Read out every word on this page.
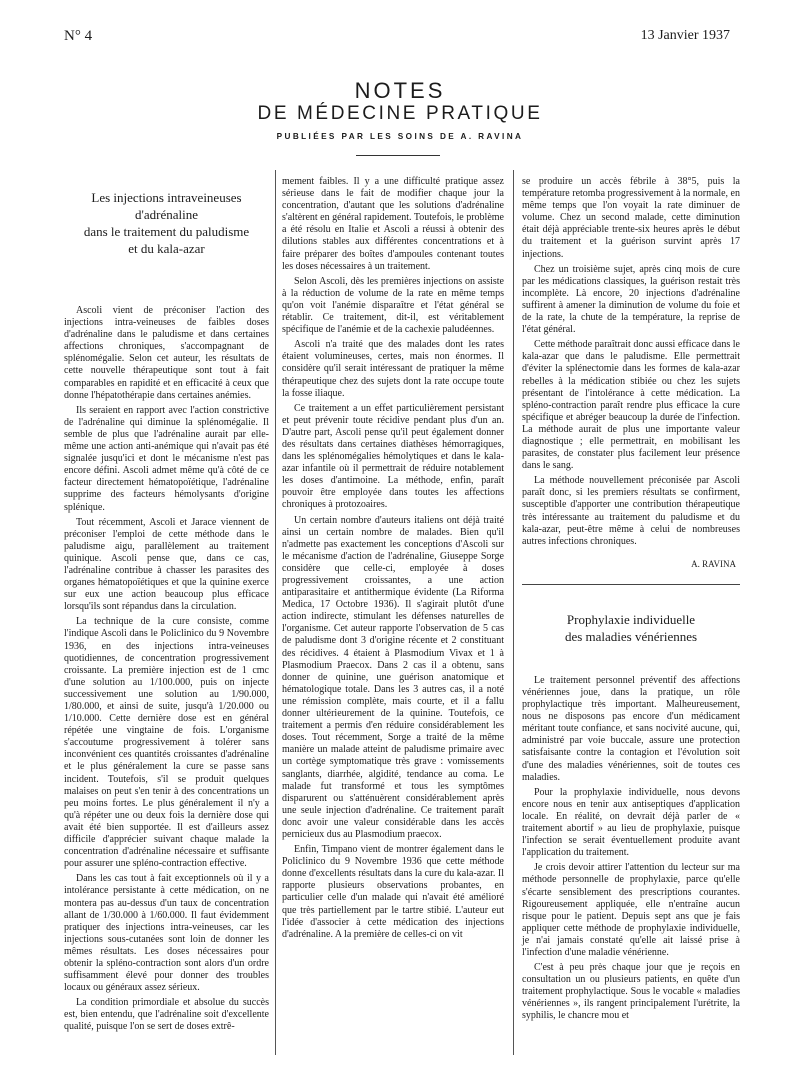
N° 4	13 Janvier 1937
NOTES
DE MÉDECINE PRATIQUE
PUBLIÉES PAR LES SOINS DE A. RAVINA
Les injections intraveineuses
d'adrénaline
dans le traitement du paludisme
et du kala-azar

Ascoli vient de préconiser l'action des injections intra-veineuses de faibles doses d'adrénaline dans le paludisme et dans certaines affections chroniques, s'accompagnant de splénomégalie. Selon cet auteur, les résultats de cette nouvelle thérapeutique sont tout à fait comparables en rapidité et en efficacité à ceux que donne l'hépatothérapie dans certaines anémies.

Ils seraient en rapport avec l'action constrictive de l'adrénaline qui diminue la splénomégalie. Il semble de plus que l'adrénaline aurait par elle-même une action anti-anémique qui n'avait pas été signalée jusqu'ici et dont le mécanisme n'est pas encore défini. Ascoli admet même qu'à côté de ce facteur directement hématopoïétique, l'adrénaline supprime des facteurs hémolysants d'origine splénique.

Tout récemment, Ascoli et Jarace viennent de préconiser l'emploi de cette méthode dans le paludisme aigu, parallèlement au traitement quinique. Ascoli pense que, dans ce cas, l'adrénaline contribue à chasser les parasites des organes hématopoïétiques et que la quinine exerce sur eux une action beaucoup plus efficace lorsqu'ils sont répandus dans la circulation.

La technique de la cure consiste, comme l'indique Ascoli dans le Policlinico du 9 Novembre 1936, en des injections intra-veineuses quotidiennes, de concentration progressivement croissante. La première injection est de 1 cmc d'une solution au 1/100.000, puis on injecte successivement une solution au 1/90.000, 1/80.000, et ainsi de suite, jusqu'à 1/20.000 ou 1/10.000. Cette dernière dose est en général répétée une vingtaine de fois. L'organisme s'accoutume progressivement à tolérer sans inconvénient ces quantités croissantes d'adrénaline et le plus généralement la cure se passe sans incident. Toutefois, s'il se produit quelques malaises on peut s'en tenir à des concentrations un peu moins fortes. Le plus généralement il n'y a qu'à répéter une ou deux fois la dernière dose qui avait été bien supportée. Il est d'ailleurs assez difficile d'apprécier suivant chaque malade la concentration d'adrénaline nécessaire et suffisante pour assurer une spléno-contraction effective.

Dans les cas tout à fait exceptionnels où il y a intolérance persistante à cette médication, on ne montera pas au-dessus d'un taux de concentration allant de 1/30.000 à 1/60.000. Il faut évidemment pratiquer des injections intra-veineuses, car les injections sous-cutanées sont loin de donner les mêmes résultats. Les doses nécessaires pour obtenir la spléno-contraction sont alors d'un ordre suffisamment élevé pour donner des troubles locaux ou généraux assez sérieux.

La condition primordiale et absolue du succès est, bien entendu, que l'adrénaline soit d'excellente qualité, puisque l'on se sert de doses extrê-

mement faibles. Il y a une difficulté pratique assez sérieuse dans le fait de modifier chaque jour la concentration, d'autant que les solutions d'adrénaline s'altèrent en général rapidement. Toutefois, le problème a été résolu en Italie et Ascoli a réussi à obtenir des dilutions stables aux différentes concentrations et à faire préparer des boîtes d'ampoules contenant toutes les doses nécessaires à un traitement.

Selon Ascoli, dès les premières injections on assiste à la réduction de volume de la rate en même temps qu'on voit l'anémie disparaître et l'état général se rétablir. Ce traitement, dit-il, est véritablement spécifique de l'anémie et de la cachexie paludéennes.

Ascoli n'a traité que des malades dont les rates étaient volumineuses, certes, mais non énormes. Il considère qu'il serait intéressant de pratiquer la même thérapeutique chez des sujets dont la rate occupe toute la fosse iliaque.

Ce traitement a un effet particulièrement persistant et peut prévenir toute récidive pendant plus d'un an. D'autre part, Ascoli pense qu'il peut également donner des résultats dans certaines diathèses hémorragiques, dans les splénomégalies hémolytiques et dans le kala-azar infantile où il permettrait de réduire notablement les doses d'antimoine. La méthode, enfin, paraît pouvoir être employée dans toutes les affections chroniques à protozoaires.

Un certain nombre d'auteurs italiens ont déjà traité ainsi un certain nombre de malades. Bien qu'il n'admette pas exactement les conceptions d'Ascoli sur le mécanisme d'action de l'adrénaline, Giuseppe Sorge considère que celle-ci, employée à doses progressivement croissantes, a une action antiparasitaire et antithermique évidente (La Riforma Medica, 17 Octobre 1936). Il s'agirait plutôt d'une action indirecte, stimulant les défenses naturelles de l'organisme. Cet auteur rapporte l'observation de 5 cas de paludisme dont 3 d'origine récente et 2 constituant des récidives. 4 étaient à Plasmodium Vivax et 1 à Plasmodium Praecox. Dans 2 cas il a obtenu, sans donner de quinine, une guérison anatomique et hématologique totale. Dans les 3 autres cas, il a noté une rémission complète, mais courte, et il a fallu donner ultérieurement de la quinine. Toutefois, ce traitement a permis d'en réduire considérablement les doses. Tout récemment, Sorge a traité de la même manière un malade atteint de paludisme primaire avec un cortège symptomatique très grave : vomissements sanglants, diarrhée, algidité, tendance au coma. Le malade fut transformé et tous les symptômes disparurent ou s'atténuèrent considérablement après une seule injection d'adrénaline. Ce traitement paraît donc avoir une valeur considérable dans les accès pernicieux dus au Plasmodium praecox.

Enfin, Timpano vient de montrer également dans le Policlinico du 9 Novembre 1936 que cette méthode donne d'excellents résultats dans la cure du kala-azar. Il rapporte plusieurs observations probantes, en particulier celle d'un malade qui n'avait été amélioré que très partiellement par le tartre stibié. L'auteur eut l'idée d'associer à cette médication des injections d'adrénaline. A la première de celles-ci on vit

se produire un accès fébrile à 38°5, puis la température retomba progressivement à la normale, en même temps que l'on voyait la rate diminuer de volume. Chez un second malade, cette diminution était déjà appréciable trente-six heures après le début du traitement et la guérison survint après 17 injections.

Chez un troisième sujet, après cinq mois de cure par les médications classiques, la guérison restait très incomplète. Là encore, 20 injections d'adrénaline suffirent à amener la diminution de volume du foie et de la rate, la chute de la température, la reprise de l'état général.

Cette méthode paraîtrait donc aussi efficace dans le kala-azar que dans le paludisme. Elle permettrait d'éviter la splénectomie dans les formes de kala-azar rebelles à la médication stibiée ou chez les sujets présentant de l'intolérance à cette médication. La spléno-contraction paraît rendre plus efficace la cure spécifique et abréger beaucoup la durée de l'infection. La méthode aurait de plus une importante valeur diagnostique ; elle permettrait, en mobilisant les parasites, de constater plus facilement leur présence dans le sang.

La méthode nouvellement préconisée par Ascoli paraît donc, si les premiers résultats se confirment, susceptible d'apporter une contribution thérapeutique très intéressante au traitement du paludisme et du kala-azar, peut-être même à celui de nombreuses autres infections chroniques.

A. RAVINA
Prophylaxie individuelle
des maladies vénériennes

Le traitement personnel préventif des affections vénériennes joue, dans la pratique, un rôle prophylactique très important. Malheureusement, nous ne disposons pas encore d'un médicament méritant toute confiance, et sans nocivité aucune, qui, administré par voie buccale, assure une protection satisfaisante contre la contagion et l'évolution soit d'une des maladies vénériennes, soit de toutes ces maladies.

Pour la prophylaxie individuelle, nous devons encore nous en tenir aux antiseptiques d'application locale. En réalité, on devrait déjà parler de « traitement abortif » au lieu de prophylaxie, puisque l'infection se serait éventuellement produite avant l'application du traitement.

Je crois devoir attirer l'attention du lecteur sur ma méthode personnelle de prophylaxie, parce qu'elle s'écarte sensiblement des prescriptions courantes. Rigoureusement appliquée, elle n'entraîne aucun risque pour le patient. Depuis sept ans que je fais appliquer cette méthode de prophylaxie individuelle, je n'ai jamais constaté qu'elle ait laissé prise à l'infection d'une maladie vénérienne.

C'est à peu près chaque jour que je reçois en consultation un ou plusieurs patients, en quête d'un traitement prophylactique. Sous le vocable « maladies vénériennes », ils rangent principalement l'urétrite, la syphilis, le chancre mou et
